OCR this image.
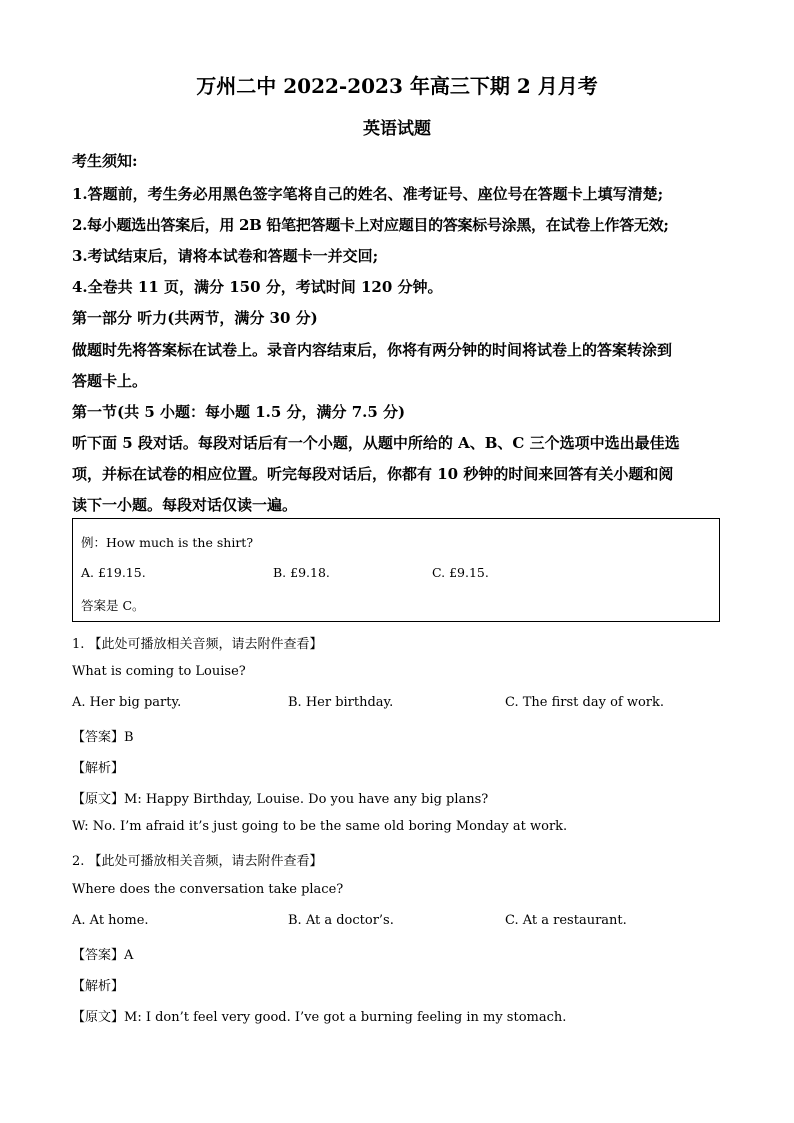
万州二中 2022-2023 年高三下期 2 月月考
英语试题
考生须知:
1.答题前，考生务必用黑色签字笔将自己的姓名、准考证号、座位号在答题卡上填写清楚;
2.每小题选出答案后，用 2B 铅笔把答题卡上对应题目的答案标号涂黑，在试卷上作答无效;
3.考试结束后，请将本试卷和答题卡一并交回;
4.全卷共 11 页，满分 150 分，考试时间 120 分钟。
第一部分 听力(共两节，满分 30 分)
做题时先将答案标在试卷上。录音内容结束后，你将有两分钟的时间将试卷上的答案转涂到
答题卡上。
第一节(共 5 小题：每小题 1.5 分，满分 7.5 分)
听下面 5 段对话。每段对话后有一个小题，从题中所给的 A、B、C 三个选项中选出最佳选
项，并标在试卷的相应位置。听完每段对话后，你都有 10 秒钟的时间来回答有关小题和阅
读下一小题。每段对话仅读一遍。
例：How much is the shirt?
A. £19.15.	B. £9.18.	C. £9.15.
答案是 C。
1. 【此处可播放相关音频，请去附件查看】
What is coming to Louise?
A. Her big party.	B. Her birthday.	C. The first day of work.
【答案】B
【解析】
【原文】M: Happy Birthday, Louise. Do you have any big plans?
W: No. I’m afraid it’s just going to be the same old boring Monday at work.
2. 【此处可播放相关音频，请去附件查看】
Where does the conversation take place?
A. At home.	B. At a doctor’s.	C. At a restaurant.
【答案】A
【解析】
【原文】M: I don’t feel very good. I’ve got a burning feeling in my stomach.
